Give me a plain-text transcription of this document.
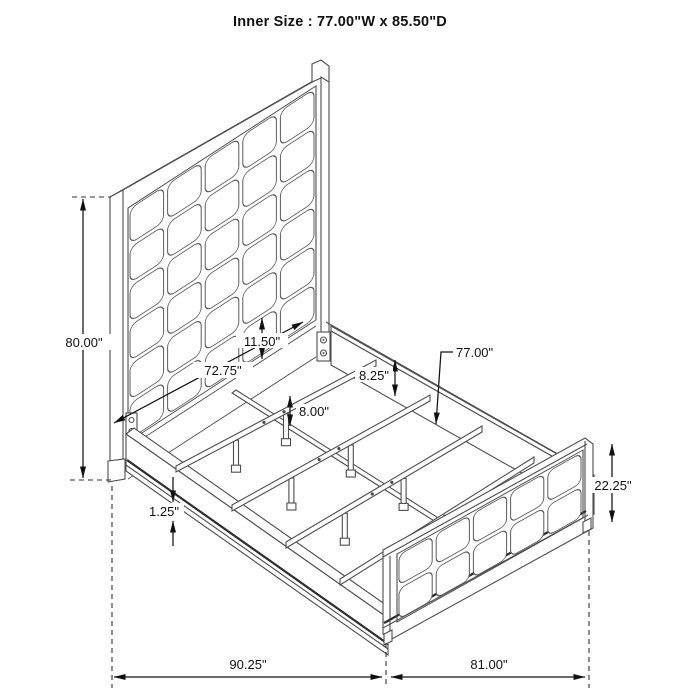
Inner Size : 77.00"W x 85.50"D
80.00"
72.75"
11.50"
8.25"
8.00"
77.00"
22.25"
1.25"
90.25"	81.00"
